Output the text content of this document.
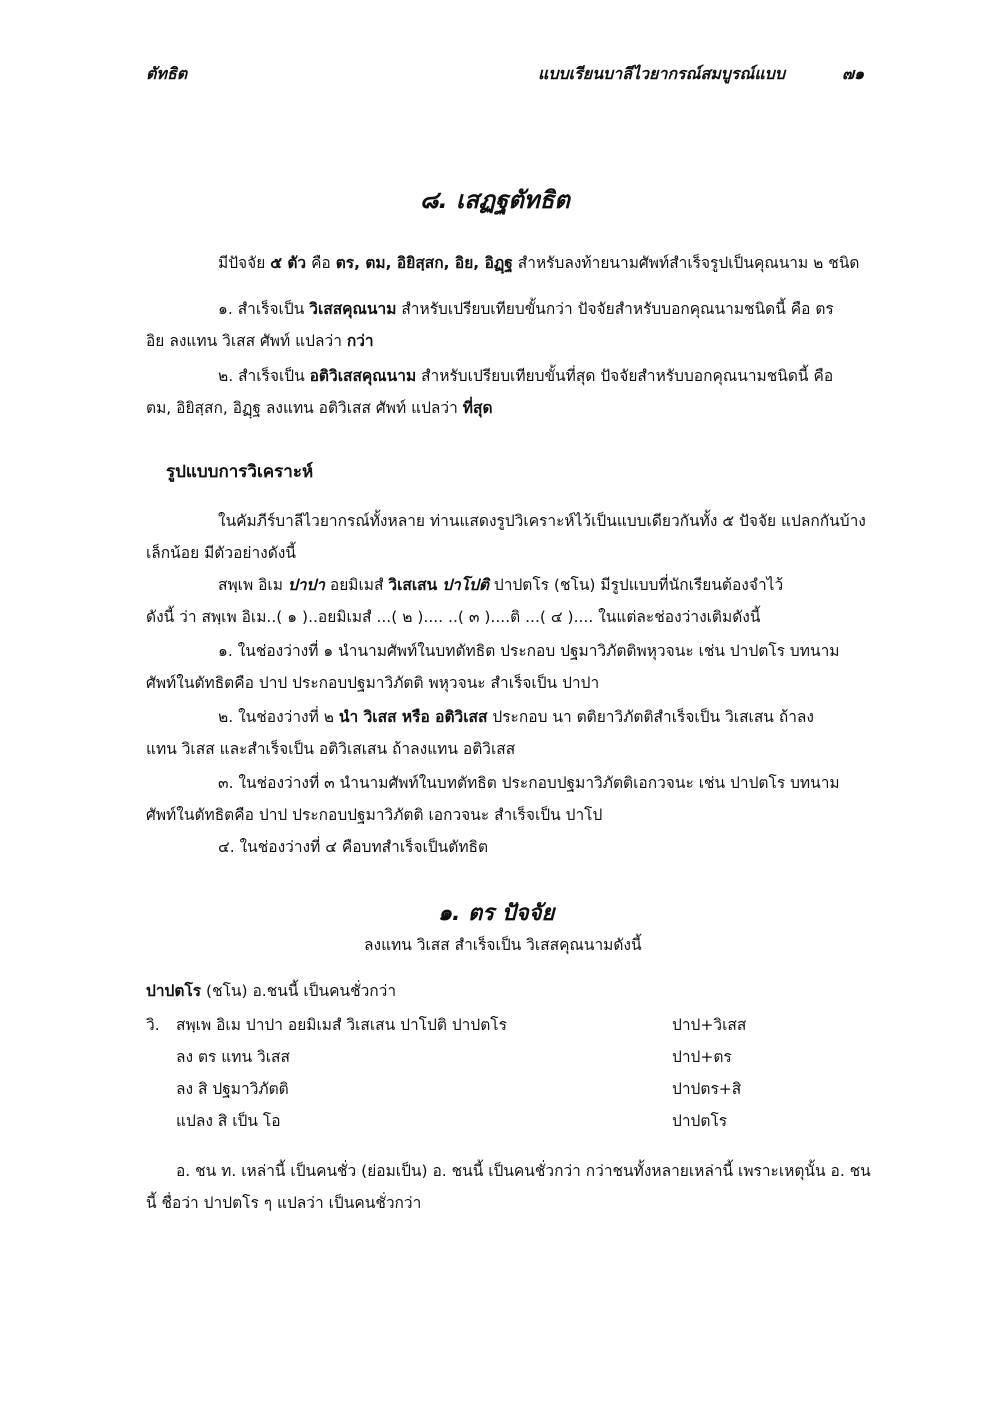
ตัทธิต	แบบเรียนบาลีไวยากรณ์สมบูรณ์แบบ	๗๑
๘. เสฏฐตัทธิต
มีปัจจัย ๕ ตัว คือ ตร, ตม, อิยิสฺสก, อิย, อิฏฺฐ สำหรับลงท้ายนามศัพท์สำเร็จรูปเป็นคุณนาม ๒ ชนิด
๑. สำเร็จเป็น วิเสสคุณนาม สำหรับเปรียบเทียบขั้นกว่า ปัจจัยสำหรับบอกคุณนามชนิดนี้ คือ ตร
อิย ลงแทน วิเสส ศัพท์ แปลว่า กว่า
๒. สำเร็จเป็น อติวิเสสคุณนาม สำหรับเปรียบเทียบขั้นที่สุด ปัจจัยสำหรับบอกคุณนามชนิดนี้ คือ
ตม, อิยิสฺสก, อิฏฺฐ ลงแทน อติวิเสส ศัพท์ แปลว่า ที่สุด
รูปแบบการวิเคราะห์
ในคัมภีร์บาลีไวยากรณ์ทั้งหลาย ท่านแสดงรูปวิเคราะห์ไว้เป็นแบบเดียวกันทั้ง ๕ ปัจจัย แปลกกันบ้าง
เล็กน้อย มีตัวอย่างดังนี้
สพฺเพ อิเม ปาปา อยมิเมสํ วิเสเสน ปาโปติ ปาปตโร (ชโน) มีรูปแบบที่นักเรียนต้องจำไว้
ดังนี้ ว่า สพฺเพ อิเม..( ๑ )..อยมิเมสํ ...( ๒ ).... ..( ๓ )....ติ ...( ๔ ).... ในแต่ละช่องว่างเติมดังนี้
๑. ในช่องว่างที่ ๑ นำนามศัพท์ในบทตัทธิต ประกอบ ปฐมาวิภัตติพหุวจนะ เช่น ปาปตโร บทนาม
ศัพท์ในตัทธิตคือ ปาป ประกอบปฐมาวิภัตติ พหุวจนะ สำเร็จเป็น ปาปา
๒. ในช่องว่างที่ ๒ นำ วิเสส หรือ อติวิเสส ประกอบ นา ตติยาวิภัตติสำเร็จเป็น วิเสเสน ถ้าลง
แทน วิเสส และสำเร็จเป็น อติวิเสเสน ถ้าลงแทน อติวิเสส
๓. ในช่องว่างที่ ๓ นำนามศัพท์ในบทตัทธิต ประกอบปฐมาวิภัตติเอกวจนะ เช่น ปาปตโร บทนาม
ศัพท์ในตัทธิตคือ ปาป ประกอบปฐมาวิภัตติ เอกวจนะ สำเร็จเป็น ปาโป
๔. ในช่องว่างที่ ๔ คือบทสำเร็จเป็นตัทธิต
๑. ตร ปัจจัย
ลงแทน วิเสส สำเร็จเป็น วิเสสคุณนามดังนี้
ปาปตโร (ชโน) อ.ชนนี้ เป็นคนชั่วกว่า
วิ. สพฺเพ อิเม ปาปา อยมิเมสํ วิเสเสน ปาโปติ ปาปตโร	ปาป+วิเสส
ลง ตร แทน วิเสส	ปาป+ตร
ลง สิ ปฐมาวิภัตติ	ปาปตร+สิ
แปลง สิ เป็น โอ	ปาปตโร
อ. ชน ท. เหล่านี้ เป็นคนชั่ว (ย่อมเป็น) อ. ชนนี้ เป็นคนชั่วกว่า กว่าชนทั้งหลายเหล่านี้ เพราะเหตุนั้น อ. ชน
นี้ ชื่อว่า ปาปตโร ๆ แปลว่า เป็นคนชั่วกว่า
